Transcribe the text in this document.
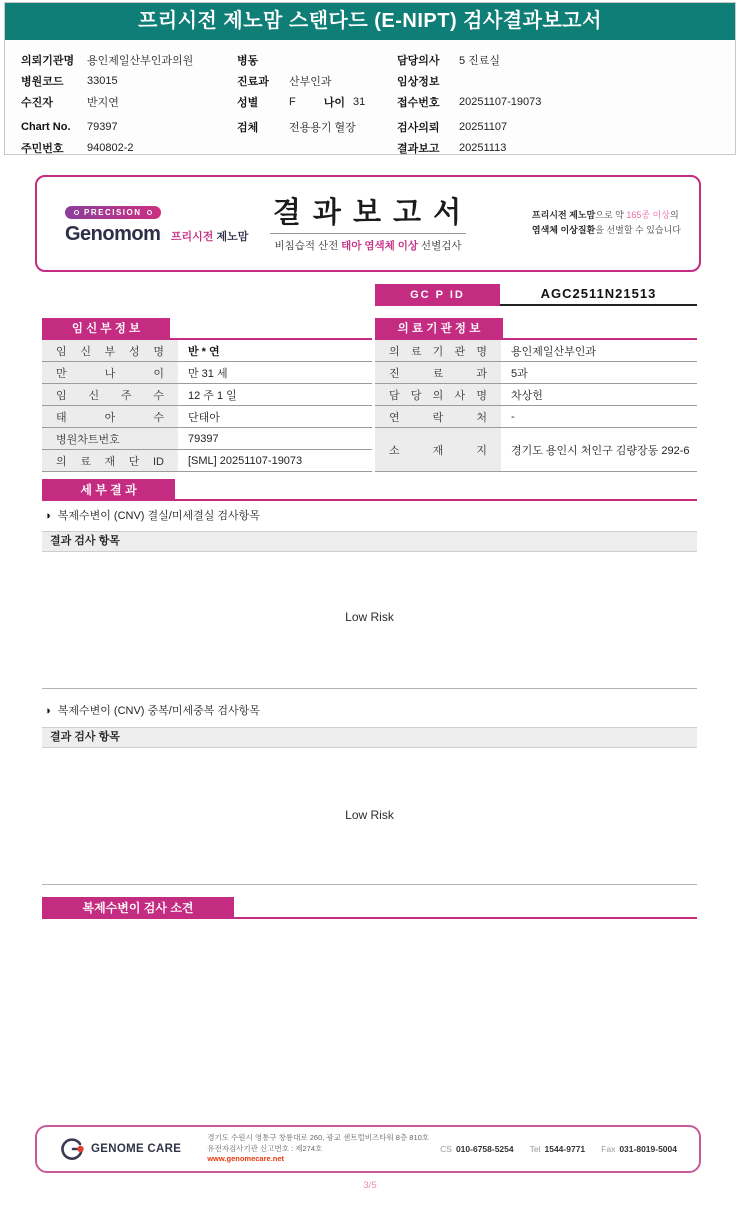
프리시전 제노맘 스탠다드 (E-NIPT) 검사결과보고서
의뢰기관명	용인제일산부인과의원
병원코드	33015
수진자	반지연
Chart No.	79397
주민번호	940802-2
병동
진료과	산부인과
성별	F	나이 31
검체	전용용기 혈장
담당의사	5 진료실
임상정보
접수번호	20251107-19073
검사의뢰	20251107
결과보고	20251113
PRECISION
Genomom 프리시전 제노맘
결 과 보 고 서
비침습적 산전 태아 염색체 이상 선별검사
프리시전 제노맘으로 약 165종 이상의
염색체 이상질환을 선별할 수 있습니다
GC P ID	AGC2511N21513
임 신 부 정 보
임 신 부 성 명	반 * 연
만 나 이	만 31 세
임 신 주 수	12 주 1 일
태 아 수	단태아
병원차트번호	79397
의 료 재 단 ID	[SML] 20251107-19073
의 료 기 관 정 보
의 료 기 관 명	용인제일산부인과
진 료 과	5과
담 당 의 사 명	차상헌
연 락 처	-
소 재 지	경기도 용인시 처인구 김량장동 292-6
세 부 결 과
◑ 복제수변이 (CNV) 결실/미세결실 검사항목
결과 검사 항목
Low Risk
◑ 복제수변이 (CNV) 중복/미세중복 검사항목
결과 검사 항목
Low Risk
복제수변이 검사 소견
GENOME CARE
경기도 수원시 영통구 창룡대로 260, 광교 센트럴비즈타워 8층 810호
유전자검사기관 신고번호 : 제274호
www.genomecare.net
CS 010-6758-5254 Tel 1544-9771 Fax 031-8019-5004
3/5
